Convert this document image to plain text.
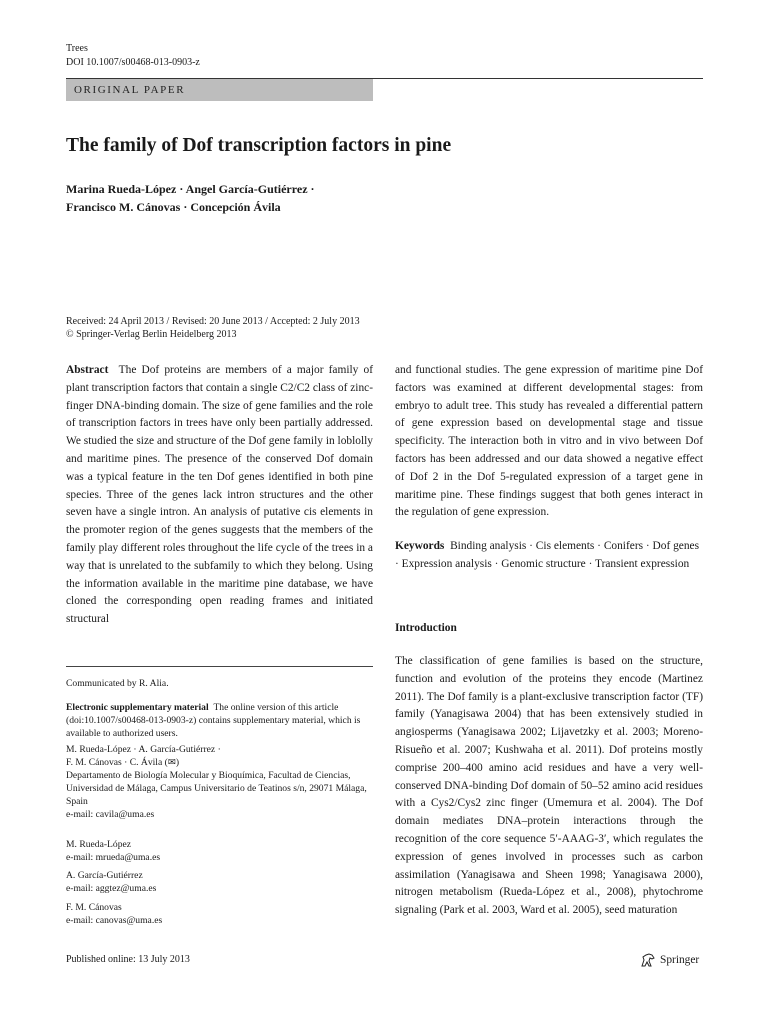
Trees
DOI 10.1007/s00468-013-0903-z
ORIGINAL PAPER
The family of Dof transcription factors in pine
Marina Rueda-López · Angel García-Gutiérrez ·
Francisco M. Cánovas · Concepción Ávila
Received: 24 April 2013 / Revised: 20 June 2013 / Accepted: 2 July 2013
© Springer-Verlag Berlin Heidelberg 2013

Abstract The Dof proteins are members of a major family of plant transcription factors that contain a single C2/C2 class of zinc-finger DNA-binding domain. The size of gene families and the role of transcription factors in trees have only been partially addressed. We studied the size and structure of the Dof gene family in loblolly and maritime pines. The presence of the conserved Dof domain was a typical feature in the ten Dof genes identified in both pine species. Three of the genes lack intron structures and the other seven have a single intron. An analysis of putative cis elements in the promoter region of the genes suggests that the members of the family play different roles throughout the life cycle of the trees in a way that is unrelated to the subfamily to which they belong. Using the information available in the maritime pine database, we have cloned the corresponding open reading frames and initiated structural

and functional studies. The gene expression of maritime pine Dof factors was examined at different developmental stages: from embryo to adult tree. This study has revealed a differential pattern of gene expression based on developmental stage and tissue specificity. The interaction both in vitro and in vivo between Dof factors has been addressed and our data showed a negative effect of Dof 2 in the Dof 5-regulated expression of a target gene in maritime pine. These findings suggest that both genes interact in the regulation of gene expression.

Keywords Binding analysis · Cis elements · Conifers · Dof genes · Expression analysis · Genomic structure · Transient expression

Introduction

The classification of gene families is based on the structure, function and evolution of the proteins they encode (Martinez 2011). The Dof family is a plant-exclusive transcription factor (TF) family (Yanagisawa 2004) that has been extensively studied in angiosperms (Yanagisawa 2002; Lijavetzky et al. 2003; Moreno-Risueño et al. 2007; Kushwaha et al. 2011). Dof proteins mostly comprise 200–400 amino acid residues and have a very well-conserved DNA-binding Dof domain of 50–52 amino acid residues with a Cys2/Cys2 zinc finger (Umemura et al. 2004). The Dof domain mediates DNA–protein interactions through the recognition of the core sequence 5′-AAAG-3′, which regulates the expression of genes involved in processes such as carbon assimilation (Yanagisawa and Sheen 1998; Yanagisawa 2000), nitrogen metabolism (Rueda-López et al., 2008), phytochrome signaling (Park et al. 2003, Ward et al. 2005), seed maturation

Communicated by R. Alia.
Electronic supplementary material The online version of this article (doi:10.1007/s00468-013-0903-z) contains supplementary material, which is available to authorized users.
M. Rueda-López · A. García-Gutiérrez ·
F. M. Cánovas · C. Ávila (✉)
Departamento de Biología Molecular y Bioquímica, Facultad de Ciencias, Universidad de Málaga, Campus Universitario de Teatinos s/n, 29071 Málaga, Spain
e-mail: cavila@uma.es
M. Rueda-López
e-mail: mrueda@uma.es
A. García-Gutiérrez
e-mail: aggtez@uma.es
F. M. Cánovas
e-mail: canovas@uma.es
Published online: 13 July 2013	Springer
